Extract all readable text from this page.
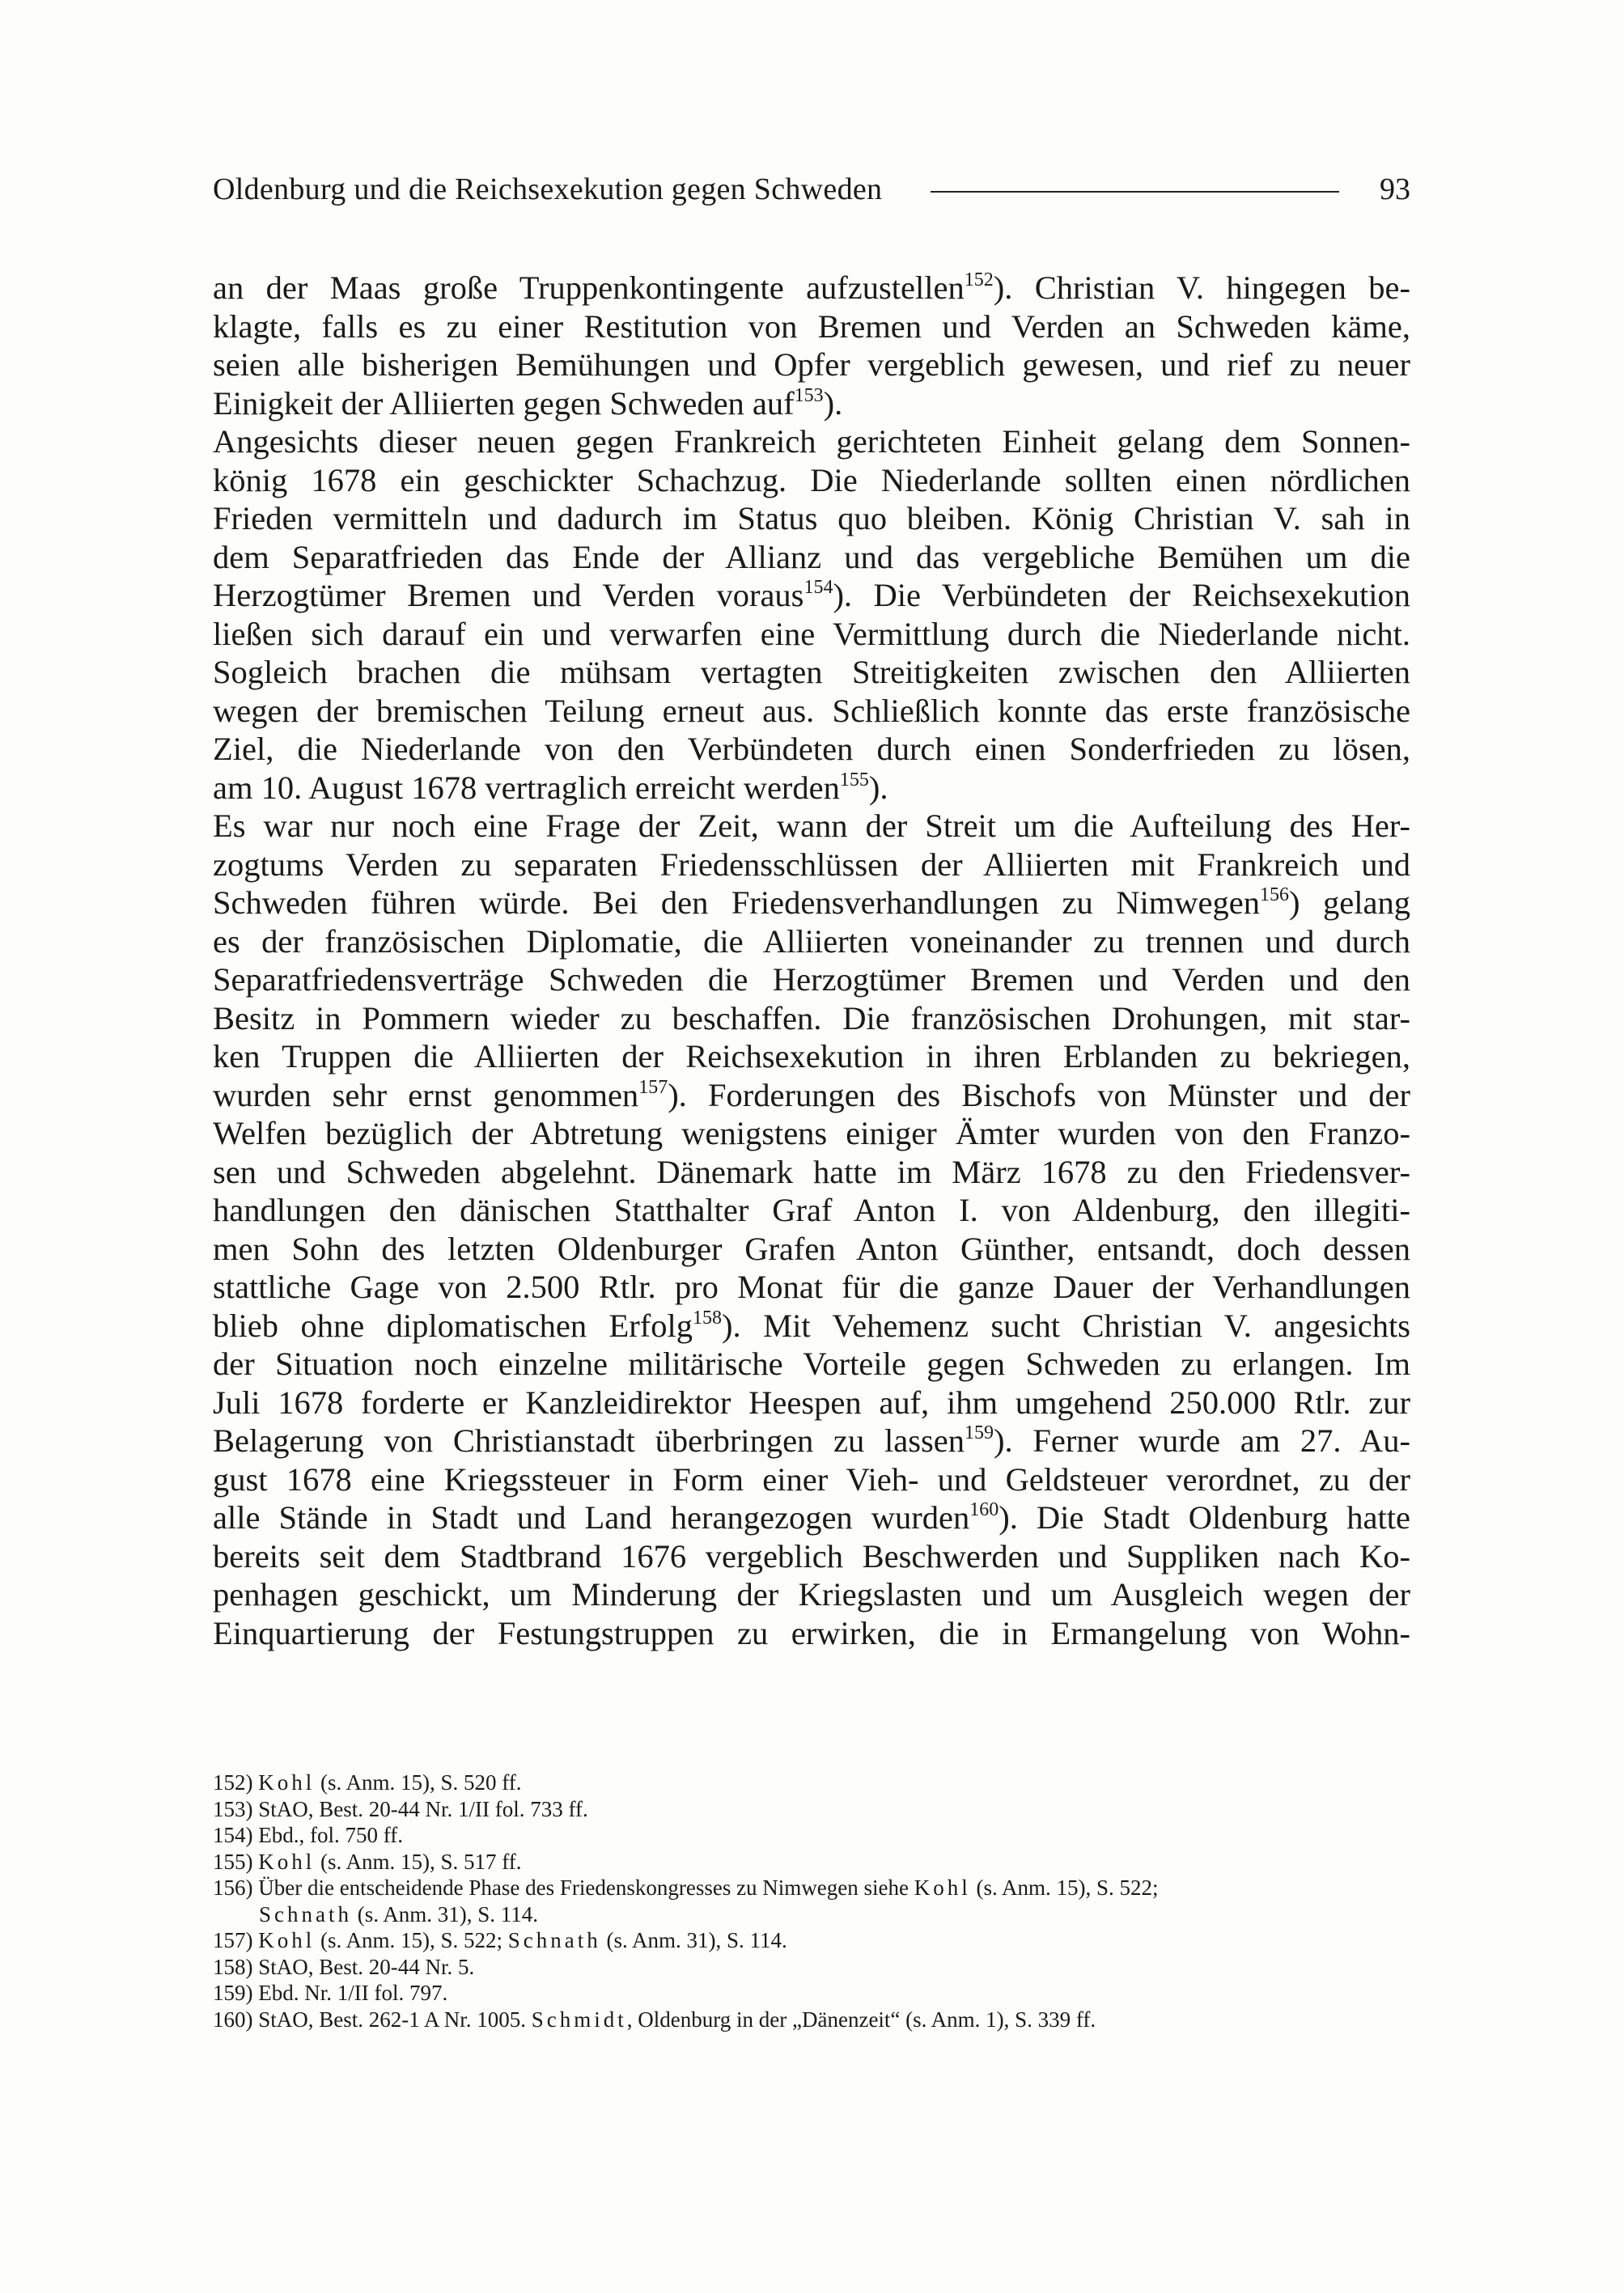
Oldenburg und die Reichsexekution gegen Schweden	93
an der Maas große Truppenkontingente aufzustellen$^{152}$). Christian V. hingegen be-
klagte, falls es zu einer Restitution von Bremen und Verden an Schweden käme,
seien alle bisherigen Bemühungen und Opfer vergeblich gewesen, und rief zu neuer
Einigkeit der Alliierten gegen Schweden auf$^{153}$).
Angesichts dieser neuen gegen Frankreich gerichteten Einheit gelang dem Sonnen-
könig 1678 ein geschickter Schachzug. Die Niederlande sollten einen nördlichen
Frieden vermitteln und dadurch im Status quo bleiben. König Christian V. sah in
dem Separatfrieden das Ende der Allianz und das vergebliche Bemühen um die
Herzogtümer Bremen und Verden voraus$^{154}$). Die Verbündeten der Reichsexekution
ließen sich darauf ein und verwarfen eine Vermittlung durch die Niederlande nicht.
Sogleich brachen die mühsam vertagten Streitigkeiten zwischen den Alliierten
wegen der bremischen Teilung erneut aus. Schließlich konnte das erste französische
Ziel, die Niederlande von den Verbündeten durch einen Sonderfrieden zu lösen,
am 10. August 1678 vertraglich erreicht werden$^{155}$).
Es war nur noch eine Frage der Zeit, wann der Streit um die Aufteilung des Her-
zogtums Verden zu separaten Friedensschlüssen der Alliierten mit Frankreich und
Schweden führen würde. Bei den Friedensverhandlungen zu Nimwegen$^{156}$) gelang
es der französischen Diplomatie, die Alliierten voneinander zu trennen und durch
Separatfriedensverträge Schweden die Herzogtümer Bremen und Verden und den
Besitz in Pommern wieder zu beschaffen. Die französischen Drohungen, mit star-
ken Truppen die Alliierten der Reichsexekution in ihren Erblanden zu bekriegen,
wurden sehr ernst genommen$^{157}$). Forderungen des Bischofs von Münster und der
Welfen bezüglich der Abtretung wenigstens einiger Ämter wurden von den Franzo-
sen und Schweden abgelehnt. Dänemark hatte im März 1678 zu den Friedensver-
handlungen den dänischen Statthalter Graf Anton I. von Aldenburg, den illegiti-
men Sohn des letzten Oldenburger Grafen Anton Günther, entsandt, doch dessen
stattliche Gage von 2.500 Rtlr. pro Monat für die ganze Dauer der Verhandlungen
blieb ohne diplomatischen Erfolg$^{158}$). Mit Vehemenz sucht Christian V. angesichts
der Situation noch einzelne militärische Vorteile gegen Schweden zu erlangen. Im
Juli 1678 forderte er Kanzleidirektor Heespen auf, ihm umgehend 250.000 Rtlr. zur
Belagerung von Christianstadt überbringen zu lassen$^{159}$). Ferner wurde am 27. Au-
gust 1678 eine Kriegssteuer in Form einer Vieh- und Geldsteuer verordnet, zu der
alle Stände in Stadt und Land herangezogen wurden$^{160}$). Die Stadt Oldenburg hatte
bereits seit dem Stadtbrand 1676 vergeblich Beschwerden und Suppliken nach Ko-
penhagen geschickt, um Minderung der Kriegslasten und um Ausgleich wegen der
Einquartierung der Festungstruppen zu erwirken, die in Ermangelung von Wohn-
152) Kohl (s. Anm. 15), S. 520 ff.
153) StAO, Best. 20-44 Nr. 1/II fol. 733 ff.
154) Ebd., fol. 750 ff.
155) Kohl (s. Anm. 15), S. 517 ff.
156) Über die entscheidende Phase des Friedenskongresses zu Nimwegen siehe Kohl (s. Anm. 15), S. 522;
Schnath (s. Anm. 31), S. 114.
157) Kohl (s. Anm. 15), S. 522; Schnath (s. Anm. 31), S. 114.
158) StAO, Best. 20-44 Nr. 5.
159) Ebd. Nr. 1/II fol. 797.
160) StAO, Best. 262-1 A Nr. 1005. Schmidt, Oldenburg in der „Dänenzeit“ (s. Anm. 1), S. 339 ff.
